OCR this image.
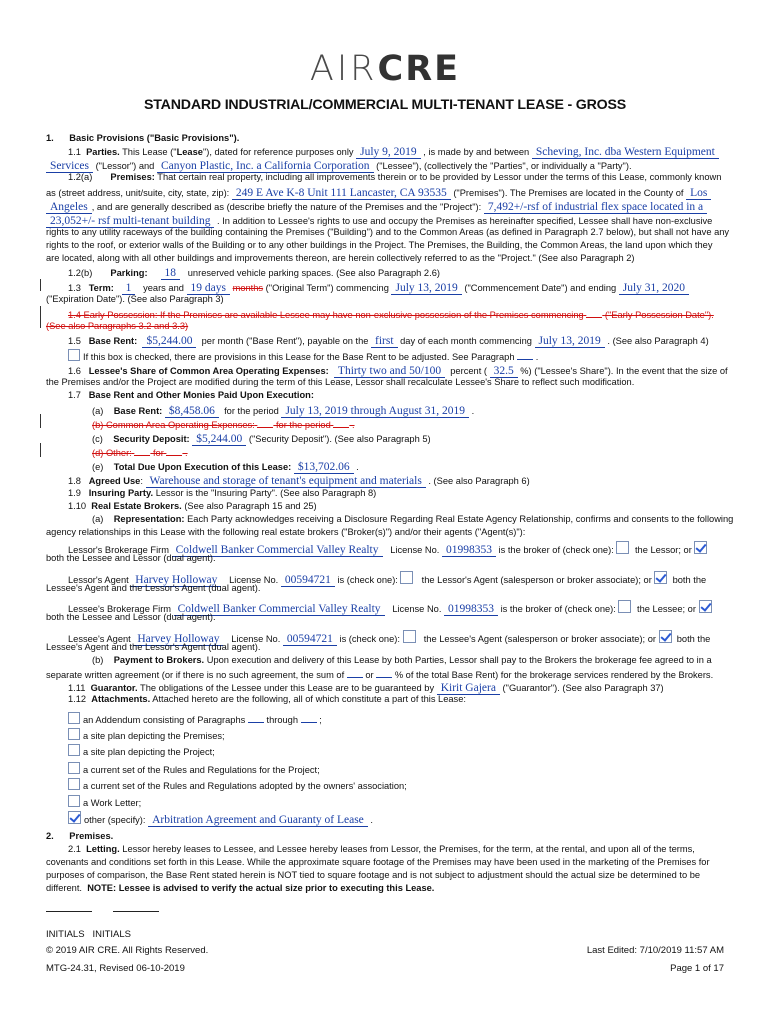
AIRCRE
STANDARD INDUSTRIAL/COMMERCIAL MULTI-TENANT LEASE - GROSS
1. Basic Provisions ("Basic Provisions").
1.1 Parties. This Lease ("Lease"), dated for reference purposes only July 9, 2019 , is made by and between Scheving, Inc. dba Western Equipment
Services ("Lessor") and Canyon Plastic, Inc. a California Corporation ("Lessee"), (collectively the "Parties", or individually a "Party").
1.2(a) Premises: That certain real property, including all improvements therein or to be provided by Lessor under the terms of this Lease, commonly known
as (street address, unit/suite, city, state, zip): 249 E Ave K-8 Unit 111 Lancaster, CA 93535 ("Premises"). The Premises are located in the County of Los
Angeles , and are generally described as (describe briefly the nature of the Premises and the "Project"): 7,492+/-rsf of industrial flex space located in a
23,052+/- rsf multi-tenant building . In addition to Lessee's rights to use and occupy the Premises as hereinafter specified, Lessee shall have non-exclusive
rights to any utility raceways of the building containing the Premises ("Building") and to the Common Areas (as defined in Paragraph 2.7 below), but shall not have any
rights to the roof, or exterior walls of the Building or to any other buildings in the Project. The Premises, the Building, the Common Areas, the land upon which they
are located, along with all other buildings and improvements thereon, are herein collectively referred to as the "Project." (See also Paragraph 2)
1.2(b) Parking: 18 unreserved vehicle parking spaces. (See also Paragraph 2.6)
1.3 Term: 1 years and 19 days months ("Original Term") commencing July 13, 2019 ("Commencement Date") and ending July 31, 2020
("Expiration Date"). (See also Paragraph 3)
1.4 Early Possession: If the Premises are available Lessee may have non-exclusive possession of the Premises commencing ("Early Possession Date").
(See also Paragraphs 3.2 and 3.3)
1.5 Base Rent: $5,244.00 per month ("Base Rent"), payable on the first day of each month commencing July 13, 2019 . (See also Paragraph 4)
If this box is checked, there are provisions in this Lease for the Base Rent to be adjusted. See Paragraph  .
1.6 Lessee's Share of Common Area Operating Expenses: Thirty two and 50/100 percent ( 32.5 %) ("Lessee's Share"). In the event that the size of
the Premises and/or the Project are modified during the term of this Lease, Lessor shall recalculate Lessee's Share to reflect such modification.
1.7 Base Rent and Other Monies Paid Upon Execution:
(a) Base Rent: $8,458.06 for the period July 13, 2019 through August 31, 2019 .
(b) Common Area Operating Expenses: for the period  .
(c) Security Deposit: $5,244.00 ("Security Deposit"). (See also Paragraph 5)
(d) Other: for  .
(e) Total Due Upon Execution of this Lease: $13,702.06 .
1.8 Agreed Use: Warehouse and storage of tenant's equipment and materials . (See also Paragraph 6)
1.9 Insuring Party. Lessor is the "Insuring Party". (See also Paragraph 8)
1.10 Real Estate Brokers. (See also Paragraph 15 and 25)
(a) Representation: Each Party acknowledges receiving a Disclosure Regarding Real Estate Agency Relationship, confirms and consents to the following
agency relationships in this Lease with the following real estate brokers ("Broker(s)") and/or their agents ("Agent(s)"):
Lessor's Brokerage Firm Coldwell Banker Commercial Valley Realty License No. 01998353 is the broker of (check one): the Lessor; or
both the Lessee and Lessor (dual agent).
Lessor's Agent Harvey Holloway License No. 00594721 is (check one):	the Lessor's Agent (salesperson or broker associate); or both the
Lessee's Agent and the Lessor's Agent (dual agent).
Lessee's Brokerage Firm Coldwell Banker Commercial Valley Realty License No. 01998353 is the broker of (check one): the Lessee; or
both the Lessee and Lessor (dual agent).
Lessee's Agent Harvey Holloway License No. 00594721 is (check one):	the Lessee's Agent (salesperson or broker associate); or both the
Lessee's Agent and the Lessor's Agent (dual agent).
(b) Payment to Brokers. Upon execution and delivery of this Lease by both Parties, Lessor shall pay to the Brokers the brokerage fee agreed to in a
separate written agreement (or if there is no such agreement, the sum of or % of the total Base Rent) for the brokerage services rendered by the Brokers.
1.11 Guarantor. The obligations of the Lessee under this Lease are to be guaranteed by Kirit Gajera ("Guarantor"). (See also Paragraph 37)
1.12 Attachments. Attached hereto are the following, all of which constitute a part of this Lease:
an Addendum consisting of Paragraphs through  ;
a site plan depicting the Premises;
a site plan depicting the Project;
a current set of the Rules and Regulations for the Project;
a current set of the Rules and Regulations adopted by the owners' association;
a Work Letter;
other (specify): Arbitration Agreement and Guaranty of Lease .
2. Premises.
2.1 Letting. Lessor hereby leases to Lessee, and Lessee hereby leases from Lessor, the Premises, for the term, at the rental, and upon all of the terms,
covenants and conditions set forth in this Lease. While the approximate square footage of the Premises may have been used in the marketing of the Premises for
purposes of comparison, the Base Rent stated herein is NOT tied to square footage and is not subject to adjustment should the actual size be determined to be
different. NOTE: Lessee is advised to verify the actual size prior to executing this Lease.
INITIALS INITIALS
© 2019 AIR CRE. All Rights Reserved.
MTG-24.31, Revised 06-10-2019
Last Edited: 7/10/2019 11:57 AM
Page 1 of 17
